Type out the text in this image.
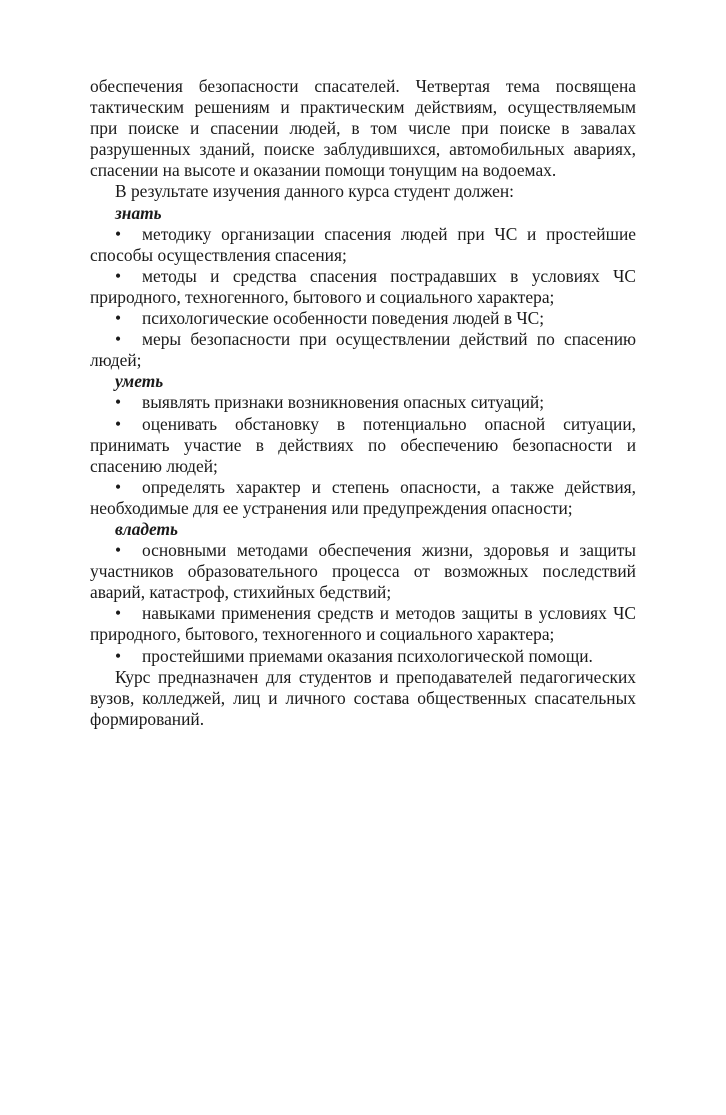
обеспечения безопасности спасателей. Четвертая тема посвящена тактическим решениям и практическим действиям, осуществляемым при поиске и спасении людей, в том числе при поиске в завалах разрушенных зданий, поиске заблудившихся, автомобильных авариях, спасении на высоте и оказании помощи тонущим на водоемах.

В результате изучения данного курса студент должен:

знать

• методику организации спасения людей при ЧС и простейшие способы осуществления спасения;

• методы и средства спасения пострадавших в условиях ЧС природного, техногенного, бытового и социального характера;

• психологические особенности поведения людей в ЧС;

• меры безопасности при осуществлении действий по спасению людей;

уметь

• выявлять признаки возникновения опасных ситуаций;

• оценивать обстановку в потенциально опасной ситуации, принимать участие в действиях по обеспечению безопасности и спасению людей;

• определять характер и степень опасности, а также действия, необходимые для ее устранения или предупреждения опасности;

владеть

• основными методами обеспечения жизни, здоровья и защиты участников образовательного процесса от возможных последствий аварий, катастроф, стихийных бедствий;

• навыками применения средств и методов защиты в условиях ЧС природного, бытового, техногенного и социального характера;

• простейшими приемами оказания психологической помощи.

Курс предназначен для студентов и преподавателей педагогических вузов, колледжей, лиц и личного состава общественных спасательных формирований.
